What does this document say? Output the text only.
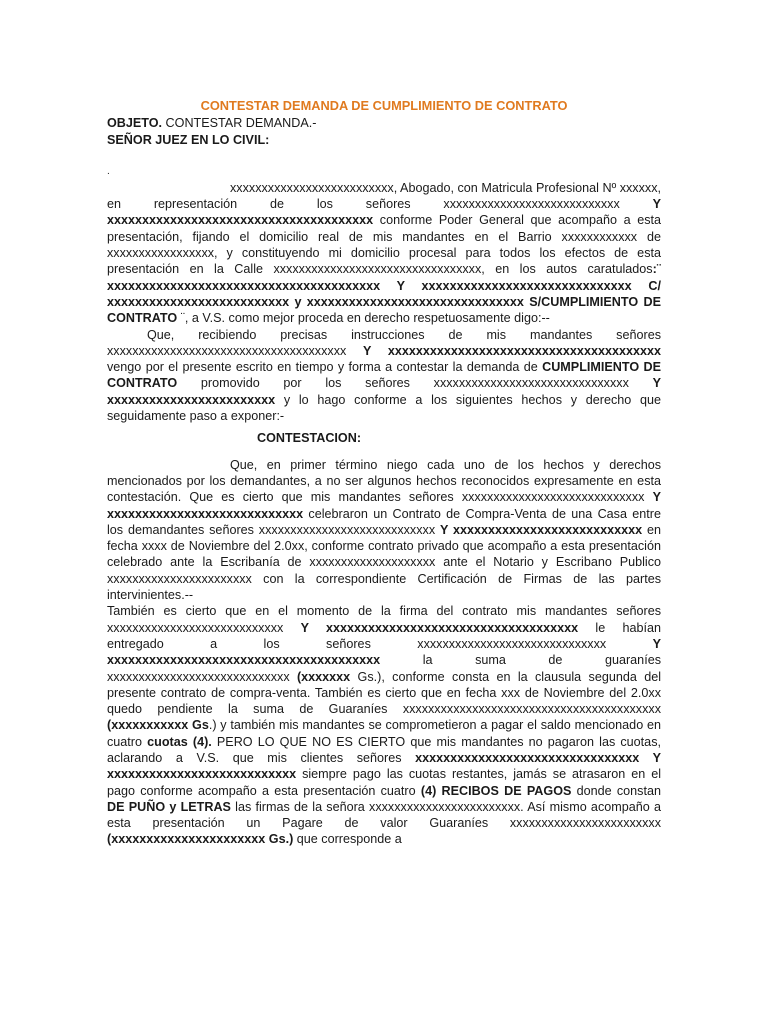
CONTESTAR DEMANDA DE CUMPLIMIENTO DE CONTRATO
OBJETO. CONTESTAR DEMANDA.-
SEÑOR JUEZ EN LO CIVIL:
.

xxxxxxxxxxxxxxxxxxxxxxxxxx, Abogado, con Matricula Profesional Nº xxxxxx, en representación de los señores xxxxxxxxxxxxxxxxxxxxxxxxxxxx Y xxxxxxxxxxxxxxxxxxxxxxxxxxxxxxxxxxxxxx conforme Poder General que acompaño a esta presentación, fijando el domicilio real de mis mandantes en el Barrio xxxxxxxxxxxx de xxxxxxxxxxxxxxxxx, y constituyendo mi domicilio procesal para todos los efectos de esta presentación en la Calle xxxxxxxxxxxxxxxxxxxxxxxxxxxxxxxxx, en los autos caratulados:¨ xxxxxxxxxxxxxxxxxxxxxxxxxxxxxxxxxxxxxxx Y xxxxxxxxxxxxxxxxxxxxxxxxxxxxxx C/ xxxxxxxxxxxxxxxxxxxxxxxxxx y xxxxxxxxxxxxxxxxxxxxxxxxxxxxxxx S/CUMPLIMIENTO DE CONTRATO ¨, a V.S. como mejor proceda en derecho respetuosamente digo:--

Que, recibiendo precisas instrucciones de mis mandantes señores xxxxxxxxxxxxxxxxxxxxxxxxxxxxxxxxxxxxxx Y xxxxxxxxxxxxxxxxxxxxxxxxxxxxxxxxxxxxxxx vengo por el presente escrito en tiempo y forma a contestar la demanda de CUMPLIMIENTO DE CONTRATO promovido por los señores xxxxxxxxxxxxxxxxxxxxxxxxxxxxxxx Y xxxxxxxxxxxxxxxxxxxxxxxx y lo hago conforme a los siguientes hechos y derecho que seguidamente paso a exponer:-

CONTESTACION:

Que, en primer término niego cada uno de los hechos y derechos mencionados por los demandantes, a no ser algunos hechos reconocidos expresamente en esta contestación. Que es cierto que mis mandantes señores xxxxxxxxxxxxxxxxxxxxxxxxxxxxx Y xxxxxxxxxxxxxxxxxxxxxxxxxxxx celebraron un Contrato de Compra-Venta de una Casa entre los demandantes señores xxxxxxxxxxxxxxxxxxxxxxxxxxxx Y xxxxxxxxxxxxxxxxxxxxxxxxxxx en fecha xxxx de Noviembre del 2.0xx, conforme contrato privado que acompaño a esta presentación celebrado ante la Escribanía de xxxxxxxxxxxxxxxxxxxx ante el Notario y Escribano Publico xxxxxxxxxxxxxxxxxxxxxxx con la correspondiente Certificación de Firmas de las partes intervinientes.--

También es cierto que en el momento de la firma del contrato mis mandantes señores xxxxxxxxxxxxxxxxxxxxxxxxxxxx Y xxxxxxxxxxxxxxxxxxxxxxxxxxxxxxxxxxxx le habían entregado a los señores xxxxxxxxxxxxxxxxxxxxxxxxxxxxxx Y xxxxxxxxxxxxxxxxxxxxxxxxxxxxxxxxxxxxxxx la suma de guaraníes xxxxxxxxxxxxxxxxxxxxxxxxxxxxx (xxxxxxx Gs.), conforme consta en la clausula segunda del presente contrato de compra-venta. También es cierto que en fecha xxx de Noviembre del 2.0xx quedo pendiente la suma de Guaraníes xxxxxxxxxxxxxxxxxxxxxxxxxxxxxxxxxxxxxxxxx (xxxxxxxxxxx Gs.) y también mis mandantes se comprometieron a pagar el saldo mencionado en cuatro cuotas (4). PERO LO QUE NO ES CIERTO que mis mandantes no pagaron las cuotas, aclarando a V.S. que mis clientes señores xxxxxxxxxxxxxxxxxxxxxxxxxxxxxxxx Y xxxxxxxxxxxxxxxxxxxxxxxxxxx siempre pago las cuotas restantes, jamás se atrasaron en el pago conforme acompaño a esta presentación cuatro (4) RECIBOS DE PAGOS donde constan DE PUÑO y LETRAS las firmas de la señora xxxxxxxxxxxxxxxxxxxxxxxx. Así mismo acompaño a esta presentación un Pagare de valor Guaraníes xxxxxxxxxxxxxxxxxxxxxxxx (xxxxxxxxxxxxxxxxxxxxxx Gs.) que corresponde a
